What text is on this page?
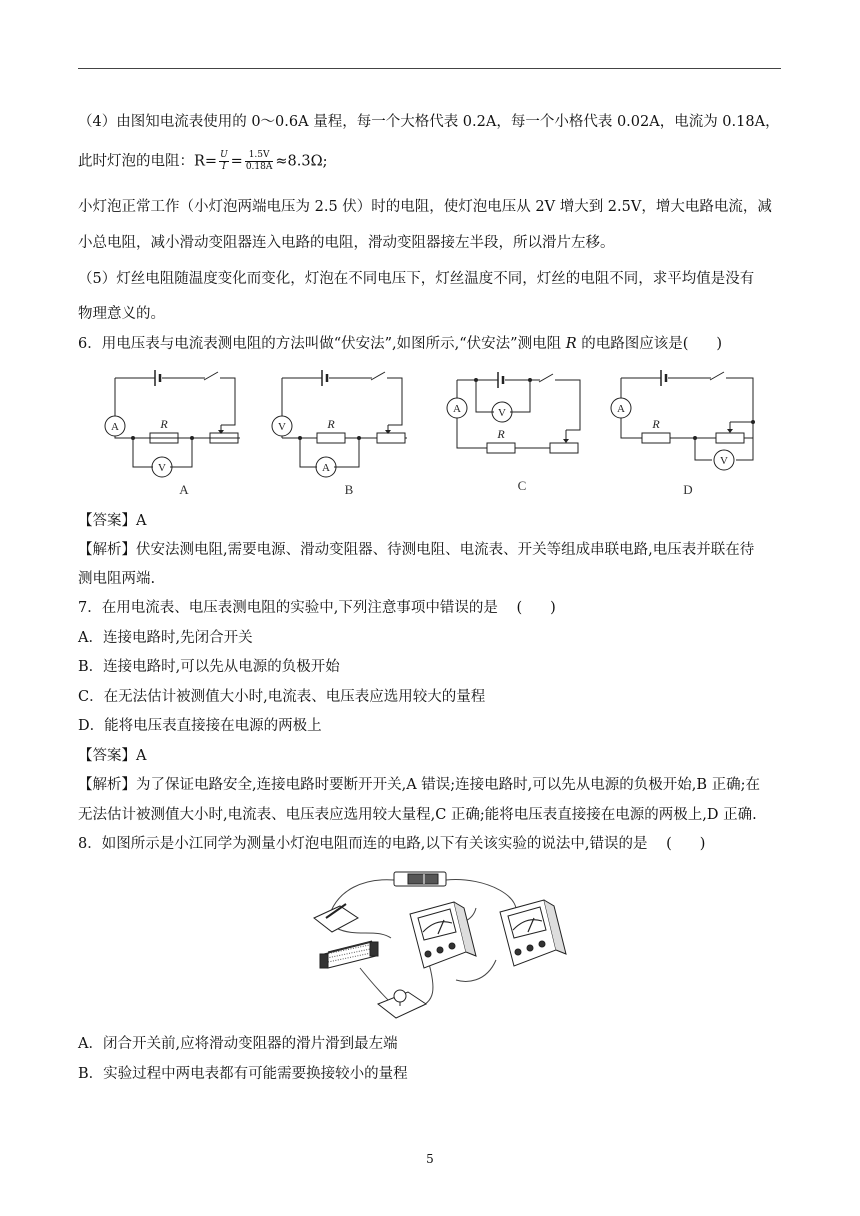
（4）由图知电流表使用的 0～0.6A 量程，每一个大格代表 0.2A，每一个小格代表 0.02A，电流为 0.18A，
此时灯泡的电阻：$R= \frac{U}{I} = \frac{1.5V}{0.18A} \approx 8.3\Omega$;
小灯泡正常工作（小灯泡两端电压为 2.5 伏）时的电阻，使灯泡电压从 2V 增大到 2.5V，增大电路电流，减
小总电阻，减小滑动变阻器连入电路的电阻，滑动变阻器接左半段，所以滑片左移。
（5）灯丝电阻随温度变化而变化，灯泡在不同电压下，灯丝温度不同，灯丝的电阻不同，求平均值是没有
物理意义的。
6．用电压表与电流表测电阻的方法叫做“伏安法”,如图所示,“伏安法”测电阻 R 的电路图应该是( )
A
V
V
A
A	V	A
V
R	R
R
R
A	B	C	D
【答案】A
【解析】伏安法测电阻,需要电源、滑动变阻器、待测电阻、电流表、开关等组成串联电路,电压表并联在待
测电阻两端.
7．在用电流表、电压表测电阻的实验中,下列注意事项中错误的是 ( )
A．连接电路时,先闭合开关
B．连接电路时,可以先从电源的负极开始
C．在无法估计被测值大小时,电流表、电压表应选用较大的量程
D．能将电压表直接接在电源的两极上
【答案】A
【解析】为了保证电路安全,连接电路时要断开开关,A 错误;连接电路时,可以先从电源的负极开始,B 正确;在
无法估计被测值大小时,电流表、电压表应选用较大量程,C 正确;能将电压表直接接在电源的两极上,D 正确.
8．如图所示是小江同学为测量小灯泡电阻而连的电路,以下有关该实验的说法中,错误的是 ( )
A．闭合开关前,应将滑动变阻器的滑片滑到最左端
B．实验过程中两电表都有可能需要换接较小的量程
5
